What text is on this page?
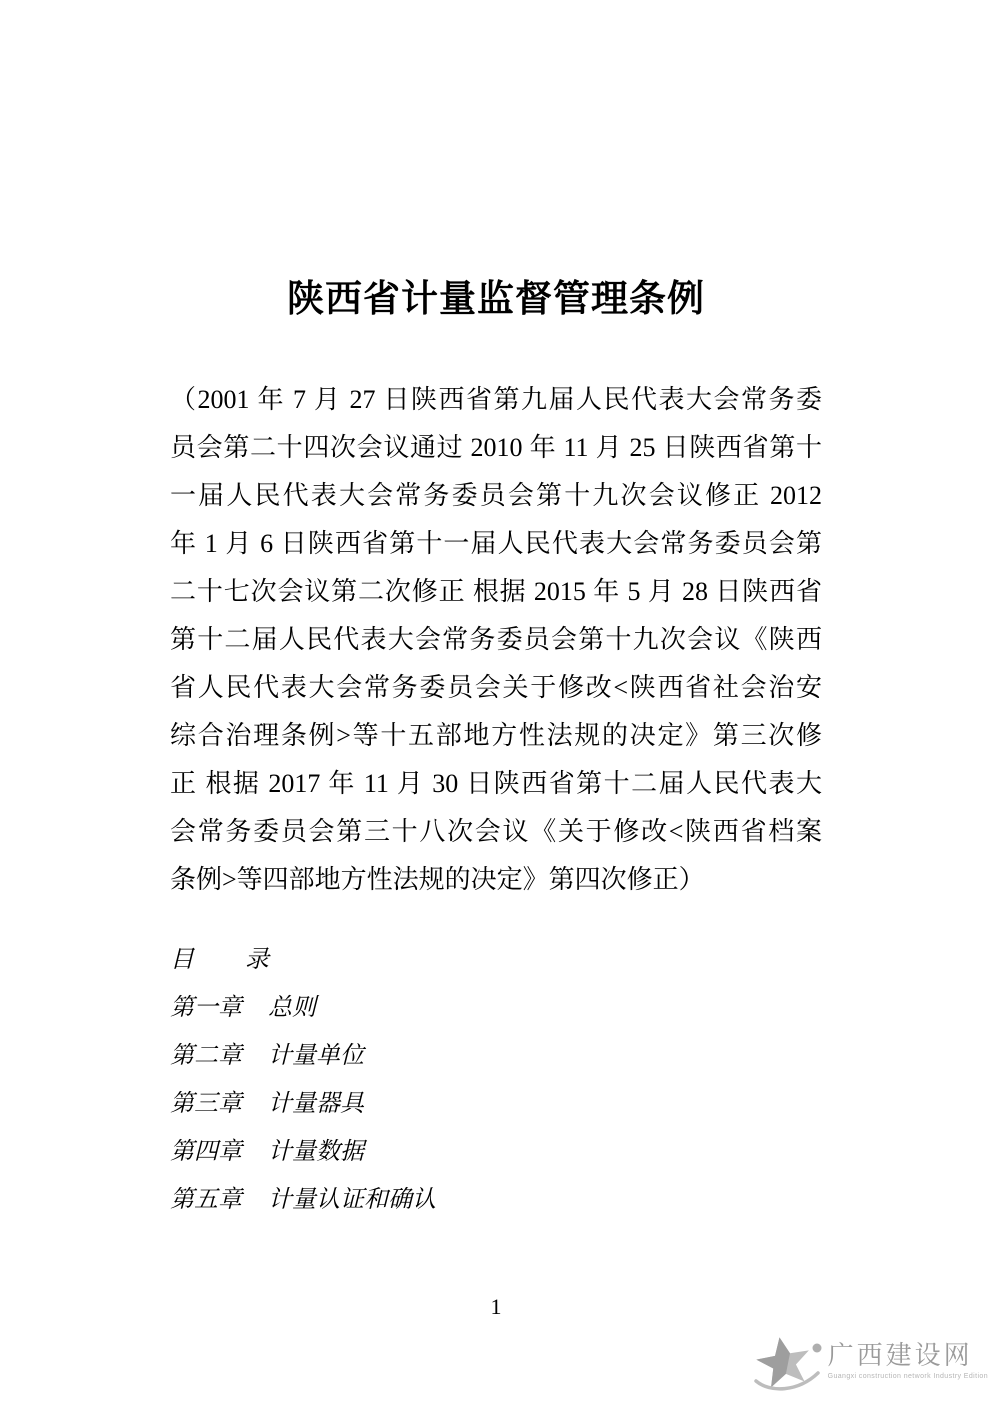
陕西省计量监督管理条例
（2001 年 7 月 27 日陕西省第九届人民代表大会常务委
员会第二十四次会议通过 2010 年 11 月 25 日陕西省第十
一届人民代表大会常务委员会第十九次会议修正 2012
年 1 月 6 日陕西省第十一届人民代表大会常务委员会第
二十七次会议第二次修正 根据 2015 年 5 月 28 日陕西省
第十二届人民代表大会常务委员会第十九次会议《陕西
省人民代表大会常务委员会关于修改<陕西省社会治安
综合治理条例>等十五部地方性法规的决定》第三次修
正 根据 2017 年 11 月 30 日陕西省第十二届人民代表大
会常务委员会第三十八次会议《关于修改<陕西省档案
条例>等四部地方性法规的决定》第四次修正）
目　　录
第一章 总则
第二章 计量单位
第三章 计量器具
第四章 计量数据
第五章 计量认证和确认
1
广西建设网
Guangxi construction network Industry Edition
